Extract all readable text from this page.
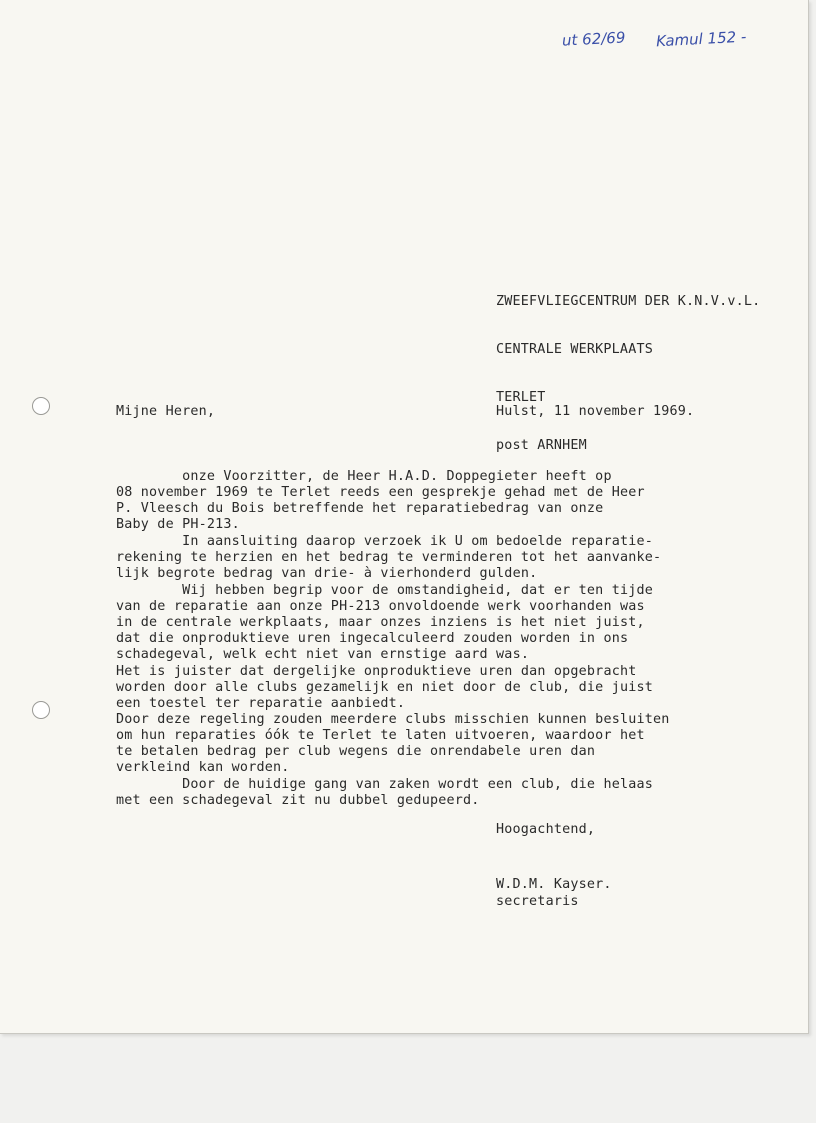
ut 62/69 Kamul 152 -

ZWEEFVLIEGCENTRUM DER K.N.V.v.L.

CENTRALE WERKPLAATS

TERLET

post ARNHEM

Mijne Heren,	Hulst, 11 november 1969.

onze Voorzitter, de Heer H.A.D. Doppegieter heeft op

08 november 1969 te Terlet reeds een gesprekje gehad met de Heer

P. Vleesch du Bois betreffende het reparatiebedrag van onze

Baby de PH-213.

In aansluiting daarop verzoek ik U om bedoelde reparatie-

rekening te herzien en het bedrag te verminderen tot het aanvanke-

lijk begrote bedrag van drie- à vierhonderd gulden.

Wij hebben begrip voor de omstandigheid, dat er ten tijde

van de reparatie aan onze PH-213 onvoldoende werk voorhanden was

in de centrale werkplaats, maar onzes inziens is het niet juist,

dat die onproduktieve uren ingecalculeerd zouden worden in ons

schadegeval, welk echt niet van ernstige aard was.

Het is juister dat dergelijke onproduktieve uren dan opgebracht

worden door alle clubs gezamelijk en niet door de club, die juist

een toestel ter reparatie aanbiedt.

Door deze regeling zouden meerdere clubs misschien kunnen besluiten

om hun reparaties óók te Terlet te laten uitvoeren, waardoor het

te betalen bedrag per club wegens die onrendabele uren dan

verkleind kan worden.

Door de huidige gang van zaken wordt een club, die helaas

met een schadegeval zit nu dubbel gedupeerd.

Hoogachtend,
W.D.M. Kayser.
secretaris
